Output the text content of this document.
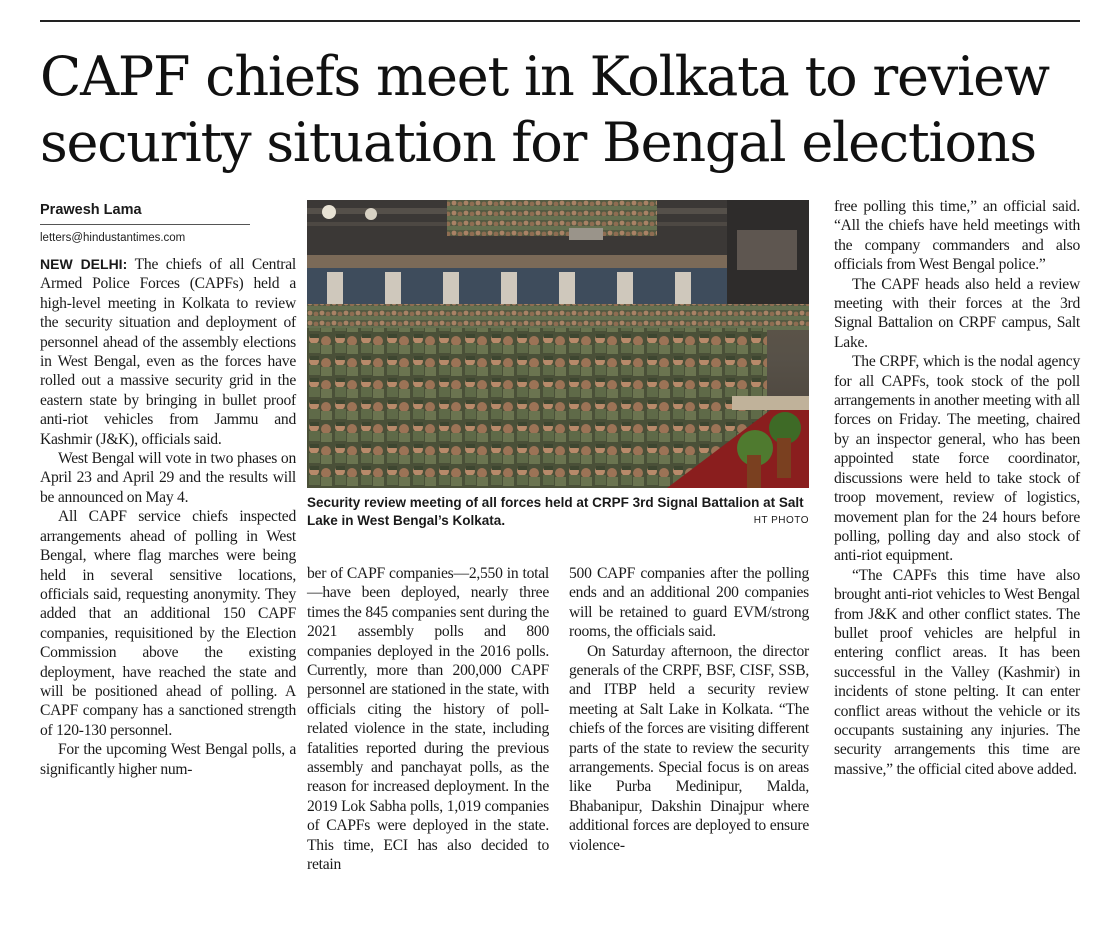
CAPF chiefs meet in Kolkata to review security situation for Bengal elections
Prawesh Lama
letters@hindustantimes.com

NEW DELHI: The chiefs of all Central Armed Police Forces (CAPFs) held a high-level meeting in Kolkata to review the security situation and deployment of personnel ahead of the assembly elections in West Bengal, even as the forces have rolled out a massive security grid in the eastern state by bringing in bullet proof anti-riot vehicles from Jammu and Kashmir (J&K), officials said.

West Bengal will vote in two phases on April 23 and April 29 and the results will be announced on May 4.

All CAPF service chiefs inspected arrangements ahead of polling in West Bengal, where flag marches were being held in several sensitive locations, officials said, requesting anonymity. They added that an additional 150 CAPF companies, requisitioned by the Election Commission above the existing deployment, have reached the state and will be positioned ahead of polling. A CAPF company has a sanctioned strength of 120-130 personnel.

For the upcoming West Bengal polls, a significantly higher num-

Security review meeting of all forces held at CRPF 3rd Signal Battalion at Salt Lake in West Bengal’s Kolkata.	HT PHOTO

ber of CAPF companies—2,550 in total—have been deployed, nearly three times the 845 companies sent during the 2021 assembly polls and 800 companies deployed in the 2016 polls. Currently, more than 200,000 CAPF personnel are stationed in the state, with officials citing the history of poll-related violence in the state, including fatalities reported during the previous assembly and panchayat polls, as the reason for increased deployment. In the 2019 Lok Sabha polls, 1,019 companies of CAPFs were deployed in the state. This time, ECI has also decided to retain

500 CAPF companies after the polling ends and an additional 200 companies will be retained to guard EVM/strong rooms, the officials said.

On Saturday afternoon, the director generals of the CRPF, BSF, CISF, SSB, and ITBP held a security review meeting at Salt Lake in Kolkata. “The chiefs of the forces are visiting different parts of the state to review the security arrangements. Special focus is on areas like Purba Medinipur, Malda, Bhabanipur, Dakshin Dinajpur where additional forces are deployed to ensure violence-

free polling this time,” an official said. “All the chiefs have held meetings with the company commanders and also officials from West Bengal police.”

The CAPF heads also held a review meeting with their forces at the 3rd Signal Battalion on CRPF campus, Salt Lake.

The CRPF, which is the nodal agency for all CAPFs, took stock of the poll arrangements in another meeting with all forces on Friday. The meeting, chaired by an inspector general, who has been appointed state force coordinator, discussions were held to take stock of troop movement, review of logistics, movement plan for the 24 hours before polling, polling day and also stock of anti-riot equipment.

“The CAPFs this time have also brought anti-riot vehicles to West Bengal from J&K and other conflict states. The bullet proof vehicles are helpful in entering conflict areas. It has been successful in the Valley (Kashmir) in incidents of stone pelting. It can enter conflict areas without the vehicle or its occupants sustaining any injuries. The security arrangements this time are massive,” the official cited above added.
